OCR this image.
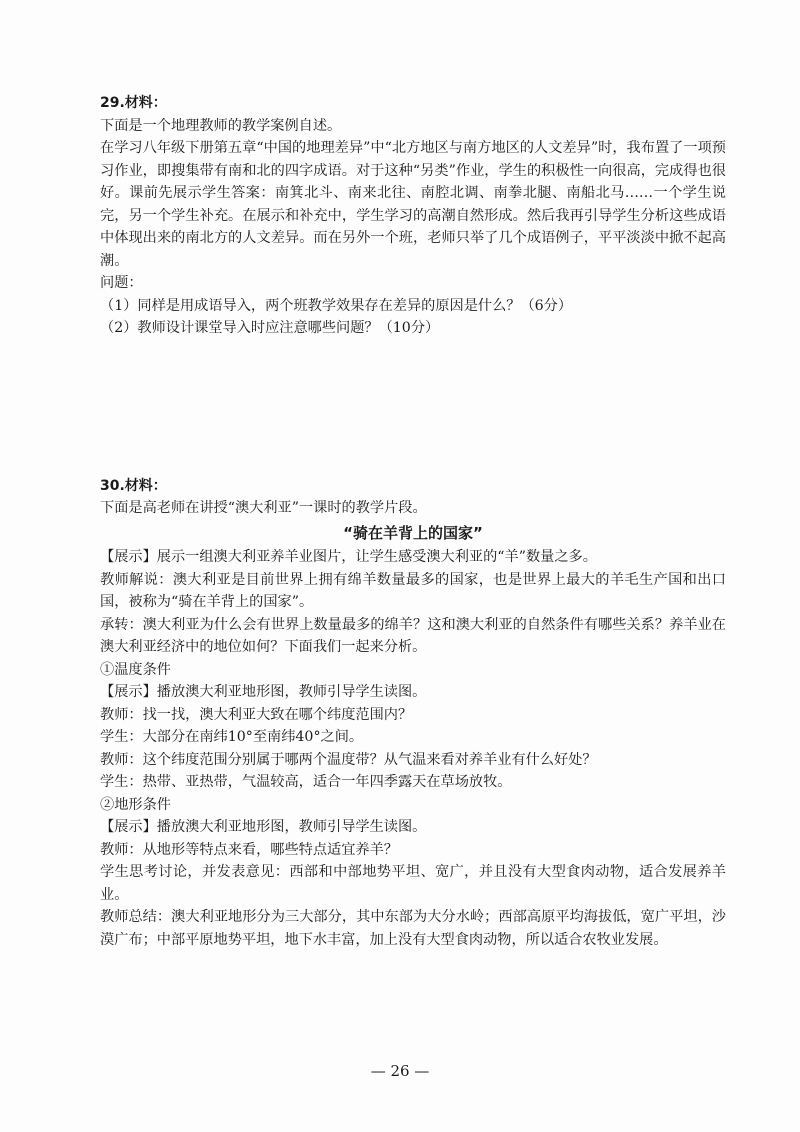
29.材料：

下面是一个地理教师的教学案例自述。

在学习八年级下册第五章“中国的地理差异”中“北方地区与南方地区的人文差异”时，我布置了一项预习作业，即搜集带有南和北的四字成语。对于这种“另类”作业，学生的积极性一向很高，完成得也很好。课前先展示学生答案：南箕北斗、南来北往、南腔北调、南拳北腿、南船北马……一个学生说完，另一个学生补充。在展示和补充中，学生学习的高潮自然形成。然后我再引导学生分析这些成语中体现出来的南北方的人文差异。而在另外一个班，老师只举了几个成语例子，平平淡淡中掀不起高潮。

问题：

（1）同样是用成语导入，两个班教学效果存在差异的原因是什么？（6分）

（2）教师设计课堂导入时应注意哪些问题？（10分）

30.材料：

下面是高老师在讲授“澳大利亚”一课时的教学片段。

“骑在羊背上的国家”

【展示】展示一组澳大利亚养羊业图片，让学生感受澳大利亚的“羊”数量之多。

教师解说：澳大利亚是目前世界上拥有绵羊数量最多的国家，也是世界上最大的羊毛生产国和出口国，被称为“骑在羊背上的国家”。

承转：澳大利亚为什么会有世界上数量最多的绵羊？这和澳大利亚的自然条件有哪些关系？养羊业在澳大利亚经济中的地位如何？下面我们一起来分析。

①温度条件

【展示】播放澳大利亚地形图，教师引导学生读图。

教师：找一找，澳大利亚大致在哪个纬度范围内？

学生：大部分在南纬10°至南纬40°之间。

教师：这个纬度范围分别属于哪两个温度带？从气温来看对养羊业有什么好处？

学生：热带、亚热带，气温较高，适合一年四季露天在草场放牧。

②地形条件

【展示】播放澳大利亚地形图，教师引导学生读图。

教师：从地形等特点来看，哪些特点适宜养羊？

学生思考讨论，并发表意见：西部和中部地势平坦、宽广，并且没有大型食肉动物，适合发展养羊业。

教师总结：澳大利亚地形分为三大部分，其中东部为大分水岭；西部高原平均海拔低，宽广平坦，沙漠广布；中部平原地势平坦，地下水丰富，加上没有大型食肉动物，所以适合农牧业发展。

— 26 —
